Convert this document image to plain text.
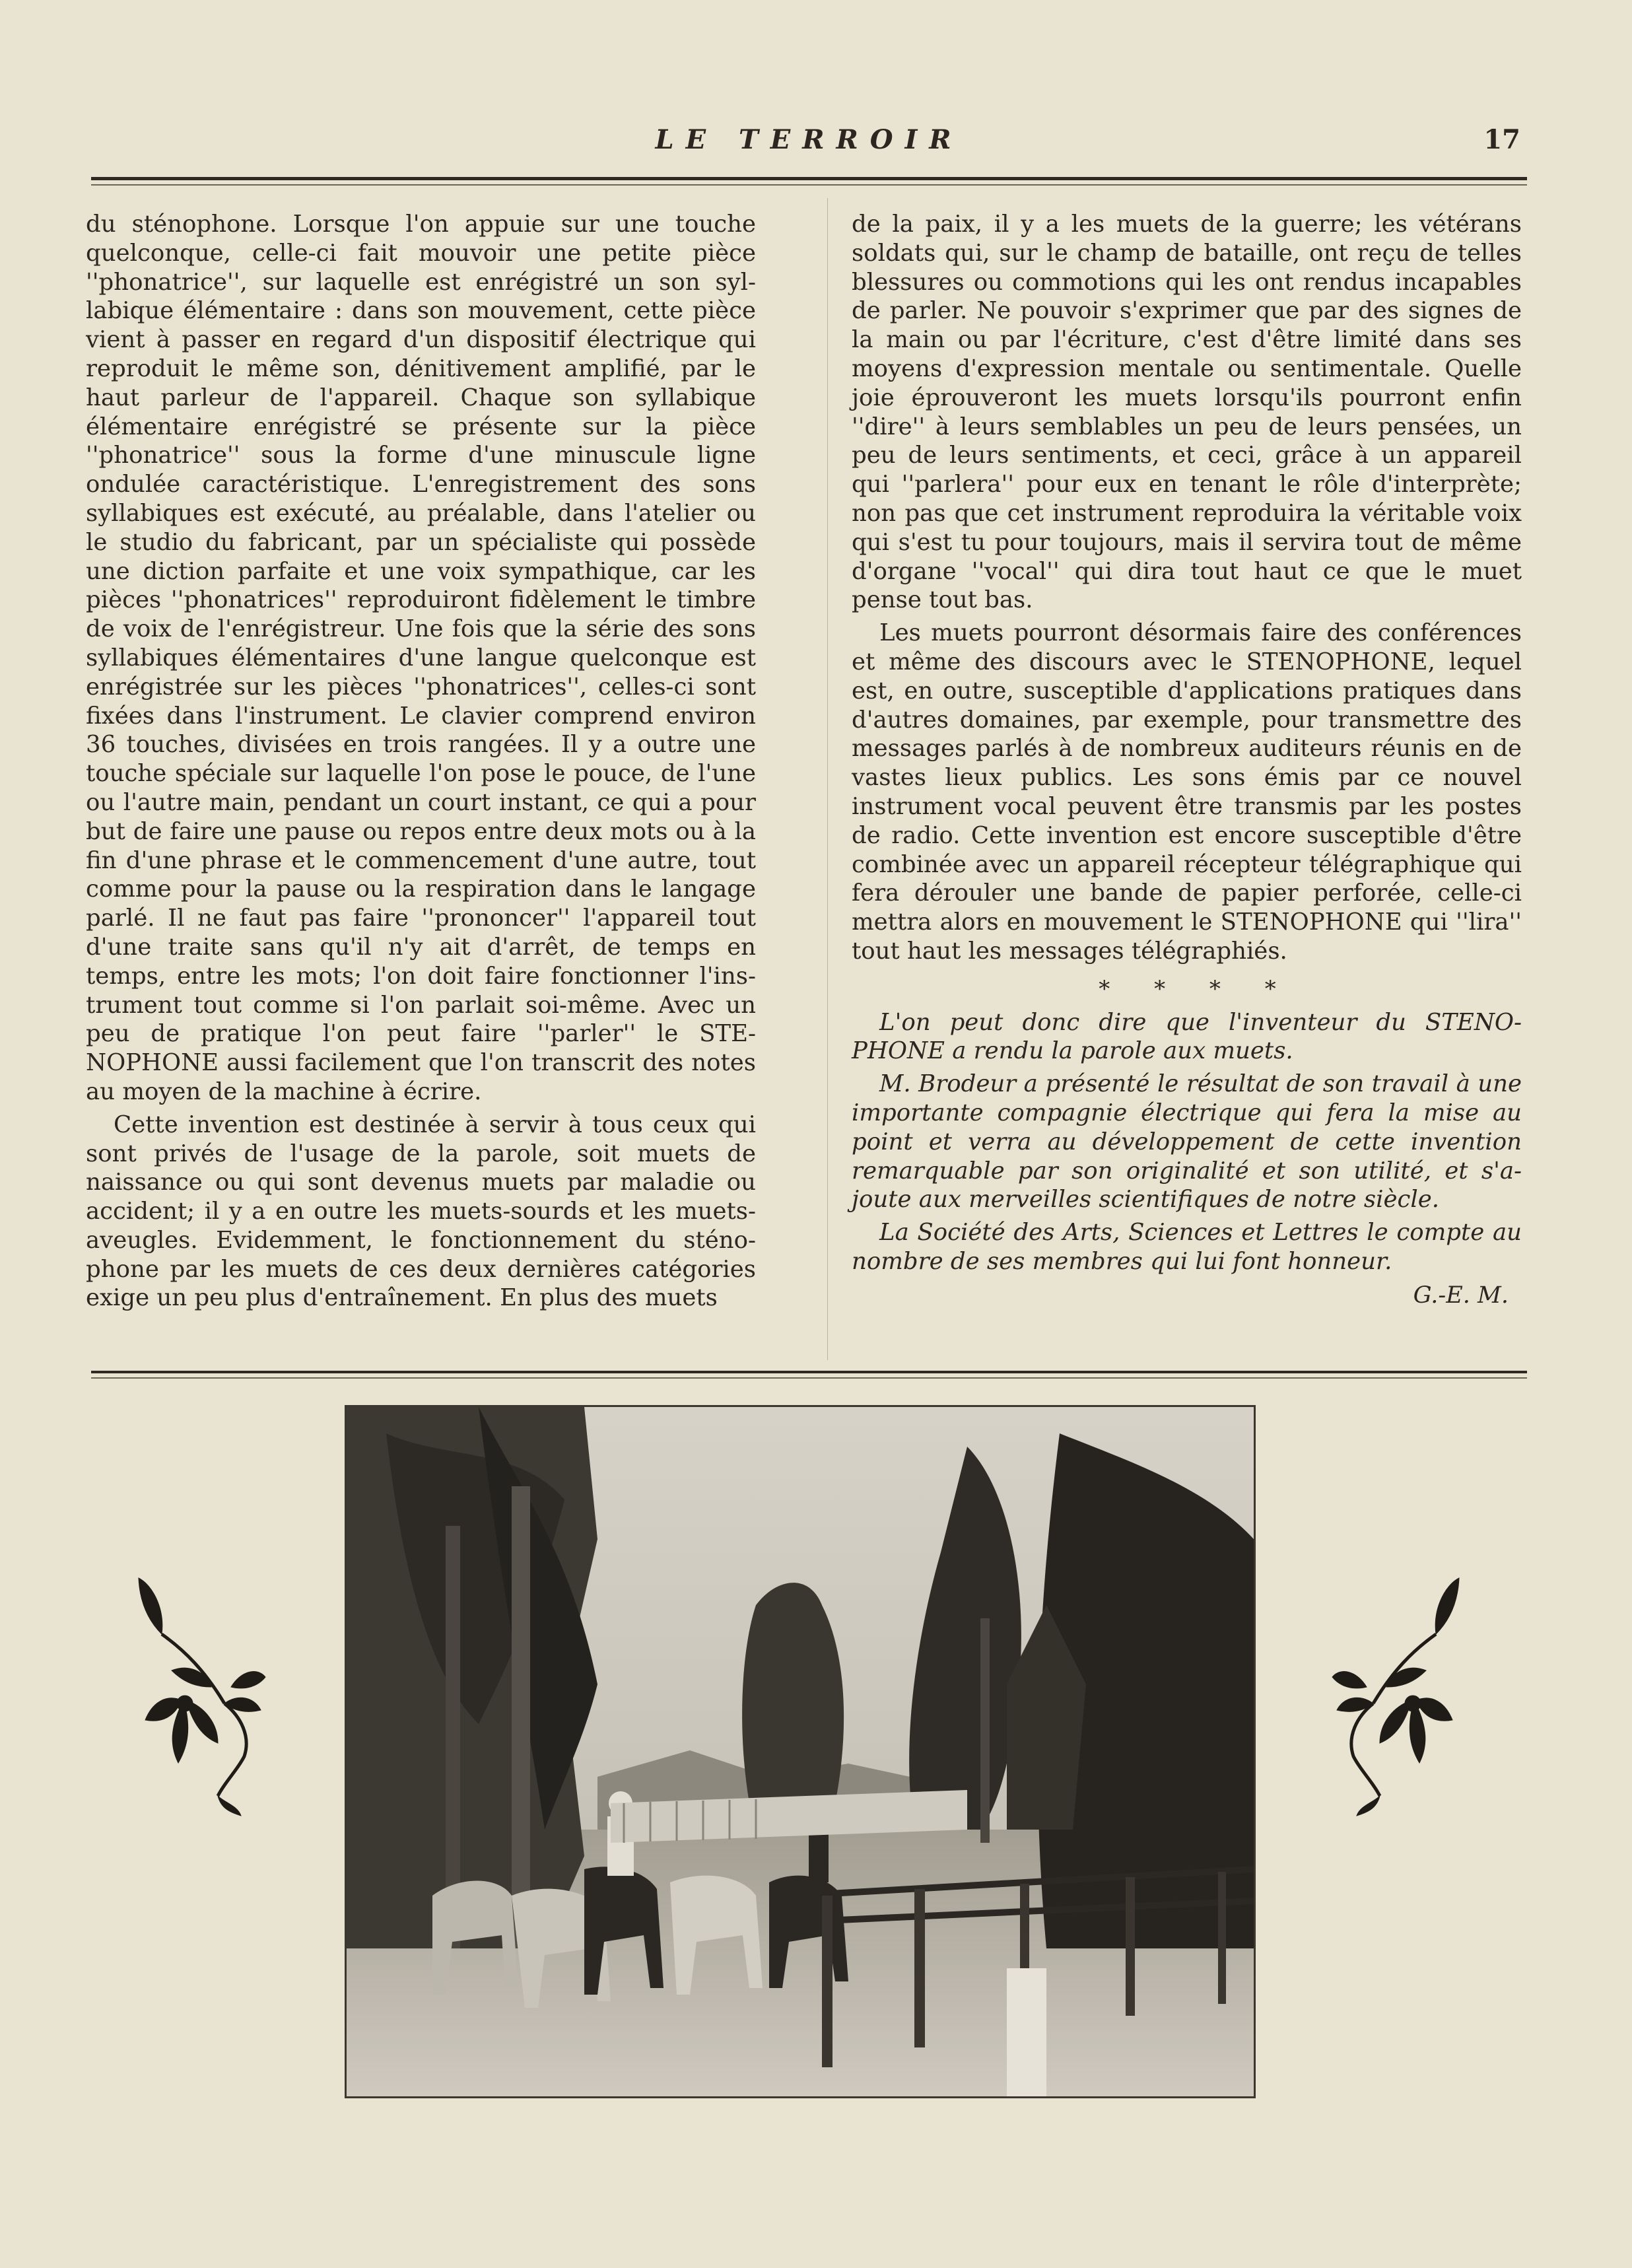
LE TERROIR	17

du sténophone. Lorsque l'on appuie sur une touche quelconque, celle-ci fait mouvoir une petite pièce ''phonatrice'', sur laquelle est enrégistré un son syllabique élémentaire : dans son mouvement, cette pièce vient à passer en regard d'un dispositif électrique qui reproduit le même son, dénitivement amplifié, par le haut parleur de l'appareil. Chaque son syllabique élémentaire enrégistré se présente sur la pièce ''phonatrice'' sous la forme d'une minuscule ligne ondulée caractéristique. L'enregistrement des sons syllabiques est exécuté, au préalable, dans l'atelier ou le studio du fabricant, par un spécialiste qui possède une diction parfaite et une voix sympathique, car les pièces ''phonatrices'' reproduiront fidèlement le timbre de voix de l'enrégistreur. Une fois que la série des sons syllabiques élémentaires d'une langue quelconque est enrégistrée sur les pièces ''phonatrices'', celles-ci sont fixées dans l'instrument. Le clavier comprend environ 36 touches, divisées en trois rangées. Il y a outre une touche spéciale sur laquelle l'on pose le pouce, de l'une ou l'autre main, pendant un court instant, ce qui a pour but de faire une pause ou repos entre deux mots ou à la fin d'une phrase et le commencement d'une autre, tout comme pour la pause ou la respiration dans le langage parlé. Il ne faut pas faire ''prononcer'' l'appareil tout d'une traite sans qu'il n'y ait d'arrêt, de temps en temps, entre les mots; l'on doit faire fonctionner l'instrument tout comme si l'on parlait soi-même. Avec un peu de pratique l'on peut faire ''parler'' le STENOPHONE aussi facilement que l'on transcrit des notes au moyen de la machine à écrire.

Cette invention est destinée à servir à tous ceux qui sont privés de l'usage de la parole, soit muets de naissance ou qui sont devenus muets par maladie ou accident; il y a en outre les muets-sourds et les muets-aveugles. Evidemment, le fonctionnement du sténophone par les muets de ces deux dernières catégories exige un peu plus d'entraînement. En plus des muets

de la paix, il y a les muets de la guerre; les vétérans soldats qui, sur le champ de bataille, ont reçu de telles blessures ou commotions qui les ont rendus incapables de parler. Ne pouvoir s'exprimer que par des signes de la main ou par l'écriture, c'est d'être limité dans ses moyens d'expression mentale ou sentimentale. Quelle joie éprouveront les muets lorsqu'ils pourront enfin ''dire'' à leurs semblables un peu de leurs pensées, un peu de leurs sentiments, et ceci, grâce à un appareil qui ''parlera'' pour eux en tenant le rôle d'interprète; non pas que cet instrument reproduira la véritable voix qui s'est tu pour toujours, mais il servira tout de même d'organe ''vocal'' qui dira tout haut ce que le muet pense tout bas.

Les muets pourront désormais faire des conférences et même des discours avec le STENOPHONE, lequel est, en outre, susceptible d'applications pratiques dans d'autres domaines, par exemple, pour transmettre des messages parlés à de nombreux auditeurs réunis en de vastes lieux publics. Les sons émis par ce nouvel instrument vocal peuvent être transmis par les postes de radio. Cette invention est encore susceptible d'être combinée avec un appareil récepteur télégraphique qui fera dérouler une bande de papier perforée, celle-ci mettra alors en mouvement le STENOPHONE qui ''lira'' tout haut les messages télégraphiés.

* * * *

L'on peut donc dire que l'inventeur du STENOPHONE a rendu la parole aux muets.

M. Brodeur a présenté le résultat de son travail à une importante compagnie électrique qui fera la mise au point et verra au développement de cette invention remarquable par son originalité et son utilité, et s'ajoute aux merveilles scientifiques de notre siècle.

La Société des Arts, Sciences et Lettres le compte au nombre de ses membres qui lui font honneur.

G.-E. M.
